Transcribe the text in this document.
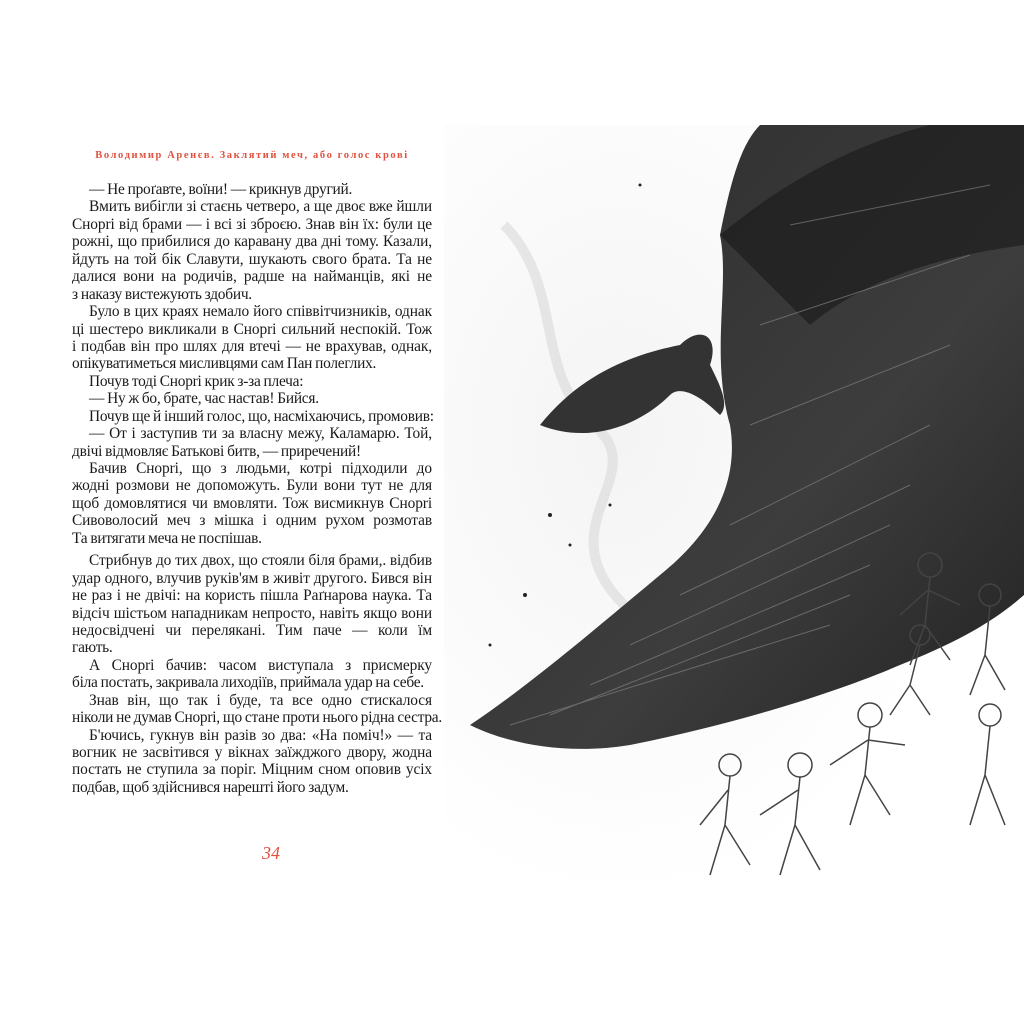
Володимир Аренєв. Заклятий меч, або голос крові
— Не проґавте, воїни! — крикнув другий.
Вмить вибігли зі стаєнь четверо, а ще двоє вже йшли
Снорri від брами — і всі зі зброєю. Знав він їх: були це
рожні, що прибилися до каравану два дні тому. Казали,
йдуть на той бік Славути, шукають свого брата. Та не
далися вони на родичів, радше на найманців, які не
з наказу вистежують здобич.
Було в цих краях немало його співвітчизників, однак
ці шестеро викликали в Снорri сильний неспокій. Тож
і подбав він про шлях для втечі — не врахував, однак,
опікуватиметься мисливцями сам Пан полеглих.
Почув тоді Снорri крик з-за плеча:
— Ну ж бо, брате, час настав! Бийся.
Почув ще й інший голос, що, насміхаючись, промовив:
— От і заступив ти за власну межу, Каламарю. Той,
двічі відмовляє Батькові битв, — приречений!
Бачив Снорri, що з людьми, котрі підходили до
жодні розмови не допоможуть. Були вони тут не для
щоб домовлятися чи вмовляти. Тож висмикнув Снорri
Сивоволосий меч з мішка і одним рухом розмотав
Та витягати меча не поспішав.
Стрибнув до тих двох, що стояли біля брами,. відбив
удар одного, влучив руків'ям в живіт другого. Бився він
не раз і не двічі: на користь пішла Раґнарова наука. Та
відсіч шістьом нападникам непросто, навіть якщо вони
недосвідчені чи перелякані. Тим паче — коли їм
гають.
А Снорri бачив: часом виступала з присмерку
біла постать, закривала лиходіїв, приймала удар на себе.
Знав він, що так і буде, та все одно стискалося
ніколи не думав Снорri, що стане проти нього рідна сестра.
Б'ючись, гукнув він разів зо два: «На поміч!» — та
вогник не засвітився у вікнах заїжджого двору, жодна
постать не ступила за поріг. Міцним сном оповив усіх
подбав, щоб здійснився нарешті його задум.
34
